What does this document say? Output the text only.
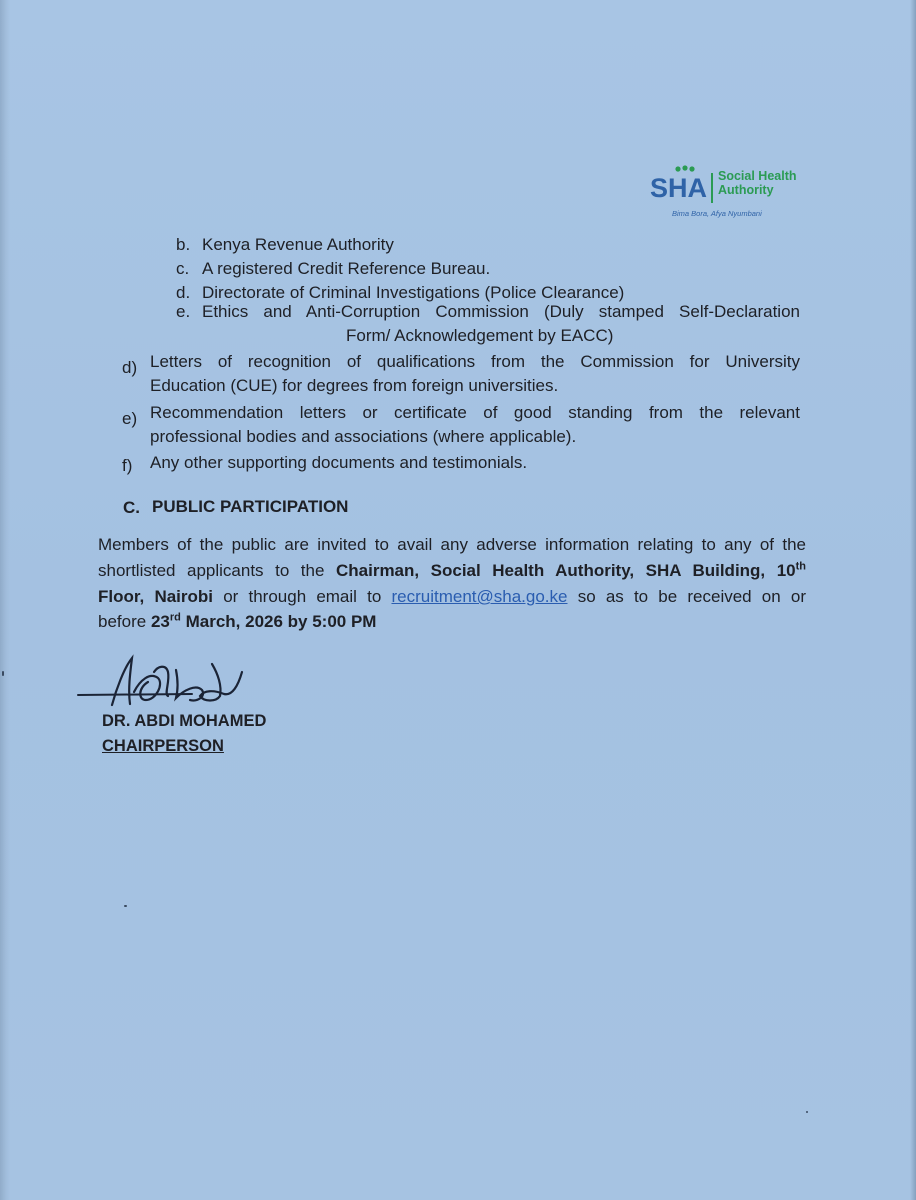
SHA Social Health
Authority
Bima Bora, Afya Nyumbani
b. Kenya Revenue Authority
c. A registered Credit Reference Bureau.
d. Directorate of Criminal Investigations (Police Clearance)
e. Ethics and Anti-Corruption Commission (Duly stamped Self-Declaration
Form/ Acknowledgement by EACC)
d) Letters of recognition of qualifications from the Commission for University
Education (CUE) for degrees from foreign universities.
e) Recommendation letters or certificate of good standing from the relevant
professional bodies and associations (where applicable).
f) Any other supporting documents and testimonials.
C. PUBLIC PARTICIPATION
Members of the public are invited to avail any adverse information relating to any of the
shortlisted applicants to the Chairman, Social Health Authority, SHA Building, 10th
Floor, Nairobi or through email to recruitment@sha.go.ke so as to be received on or
before 23rd March, 2026 by 5:00 PM
DR. ABDI MOHAMED
CHAIRPERSON
